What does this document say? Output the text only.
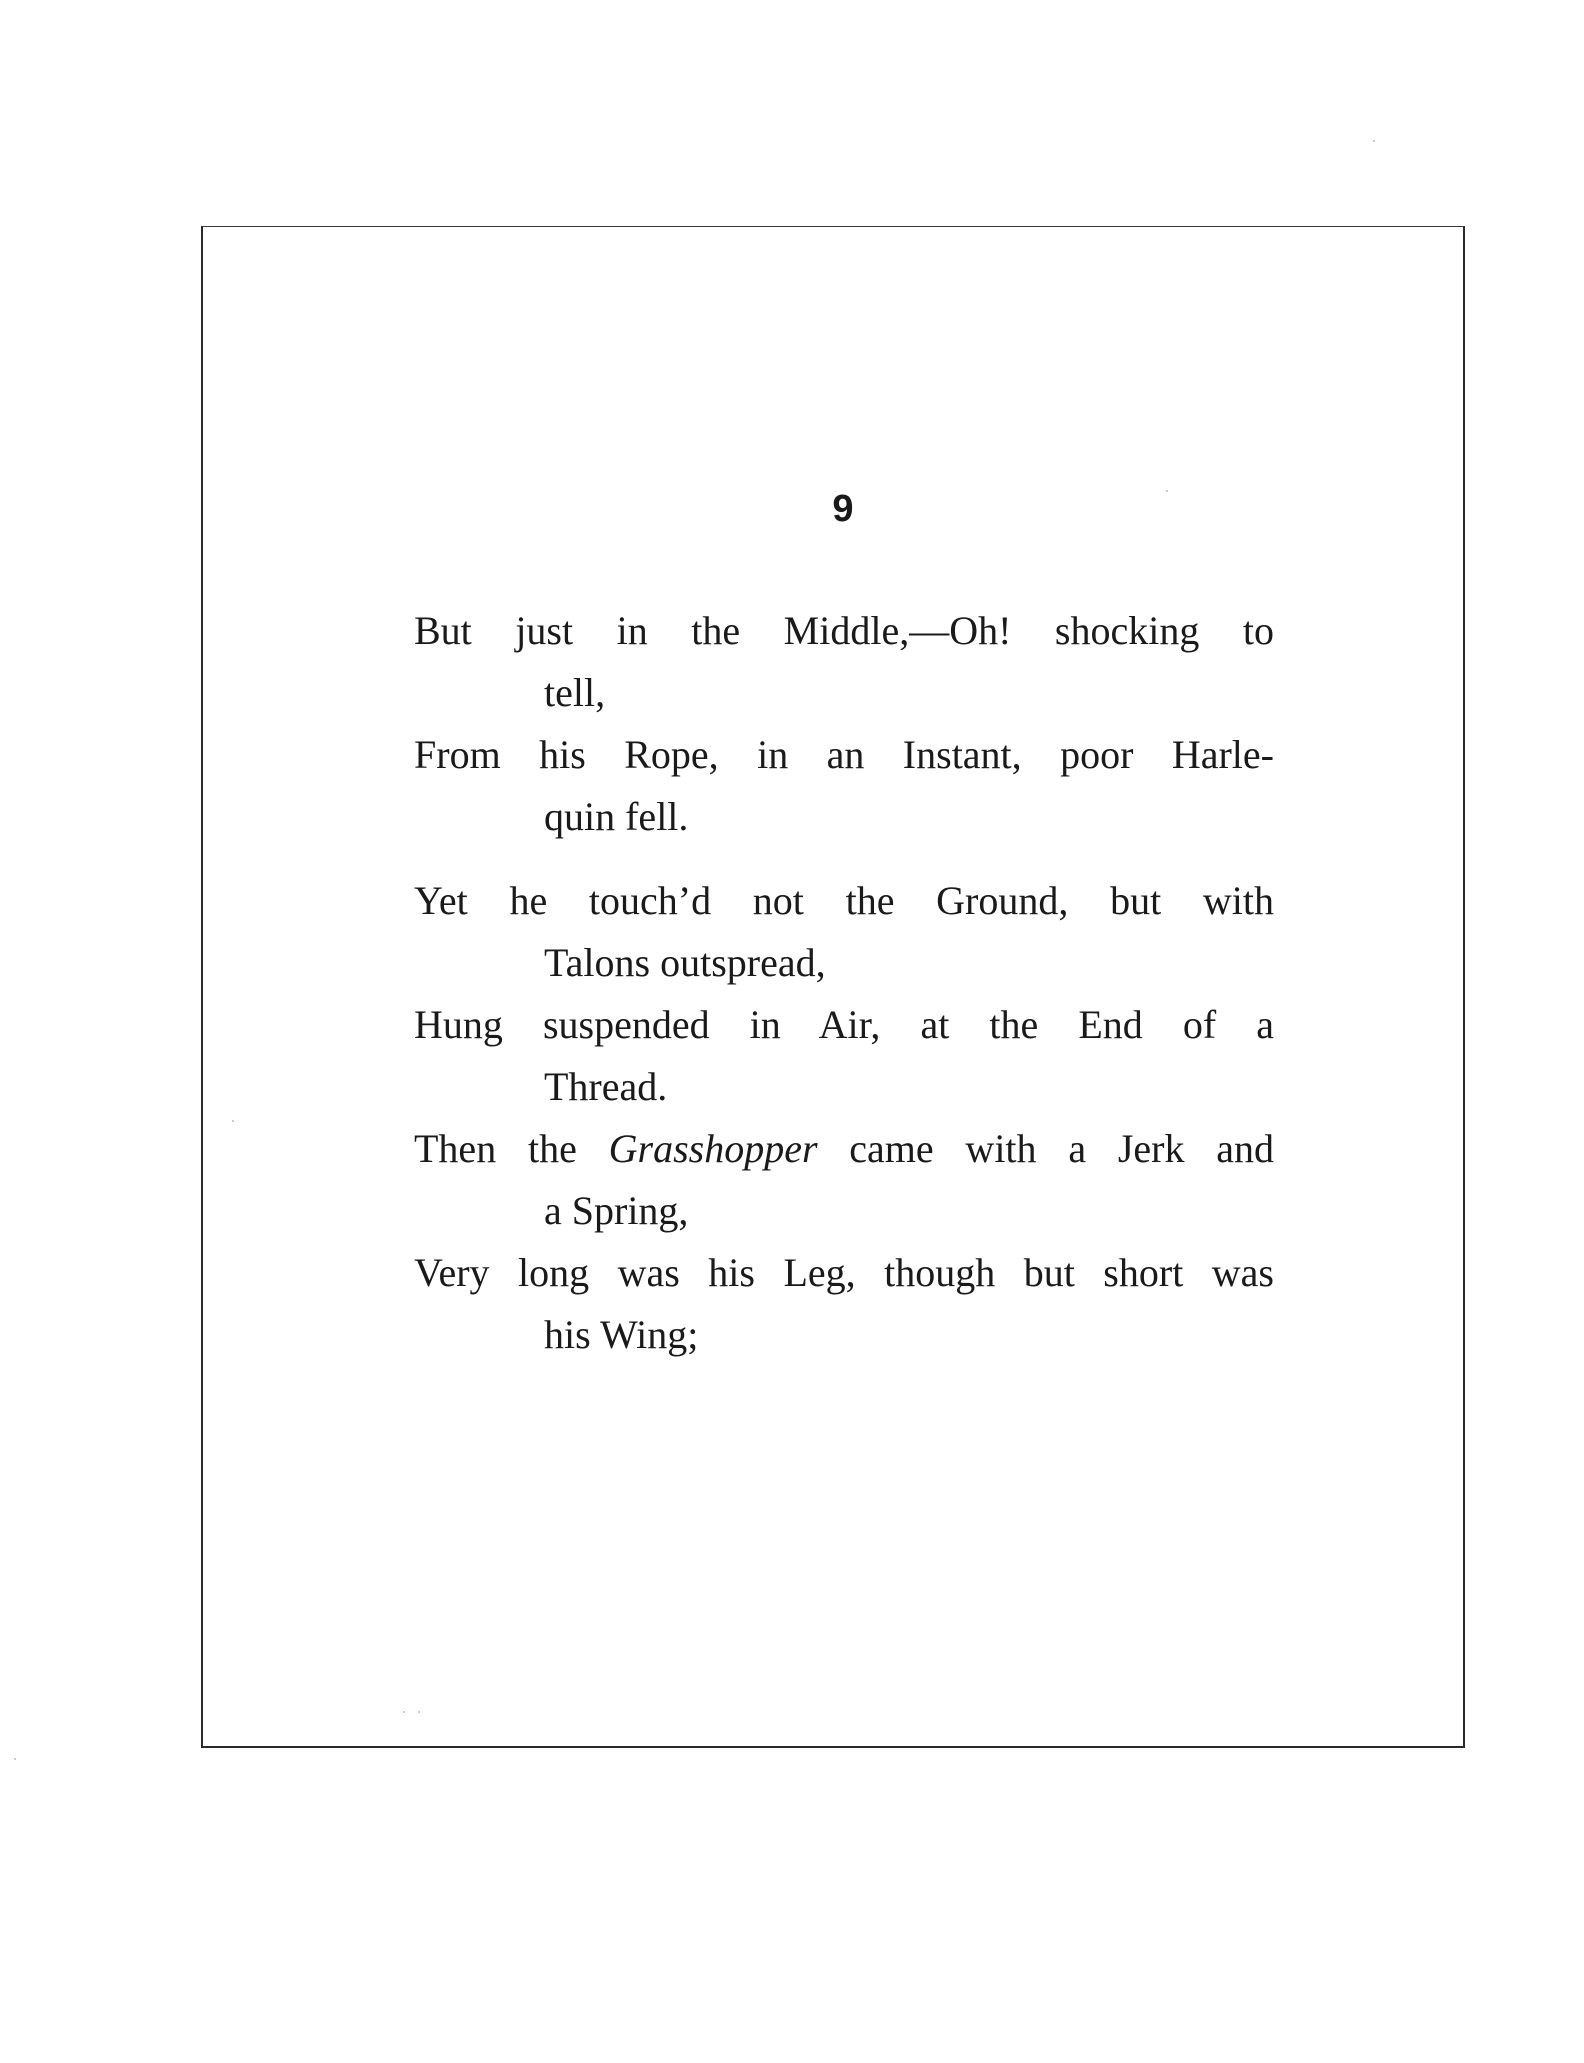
9
But just in the Middle,—Oh! shocking to
tell,
From his Rope, in an Instant, poor Harle-
quin fell.
Yet he touch’d not the Ground, but with
Talons outspread,
Hung suspended in Air, at the End of a
Thread.
Then the Grasshopper came with a Jerk and
a Spring,
Very long was his Leg, though but short was
his Wing;
